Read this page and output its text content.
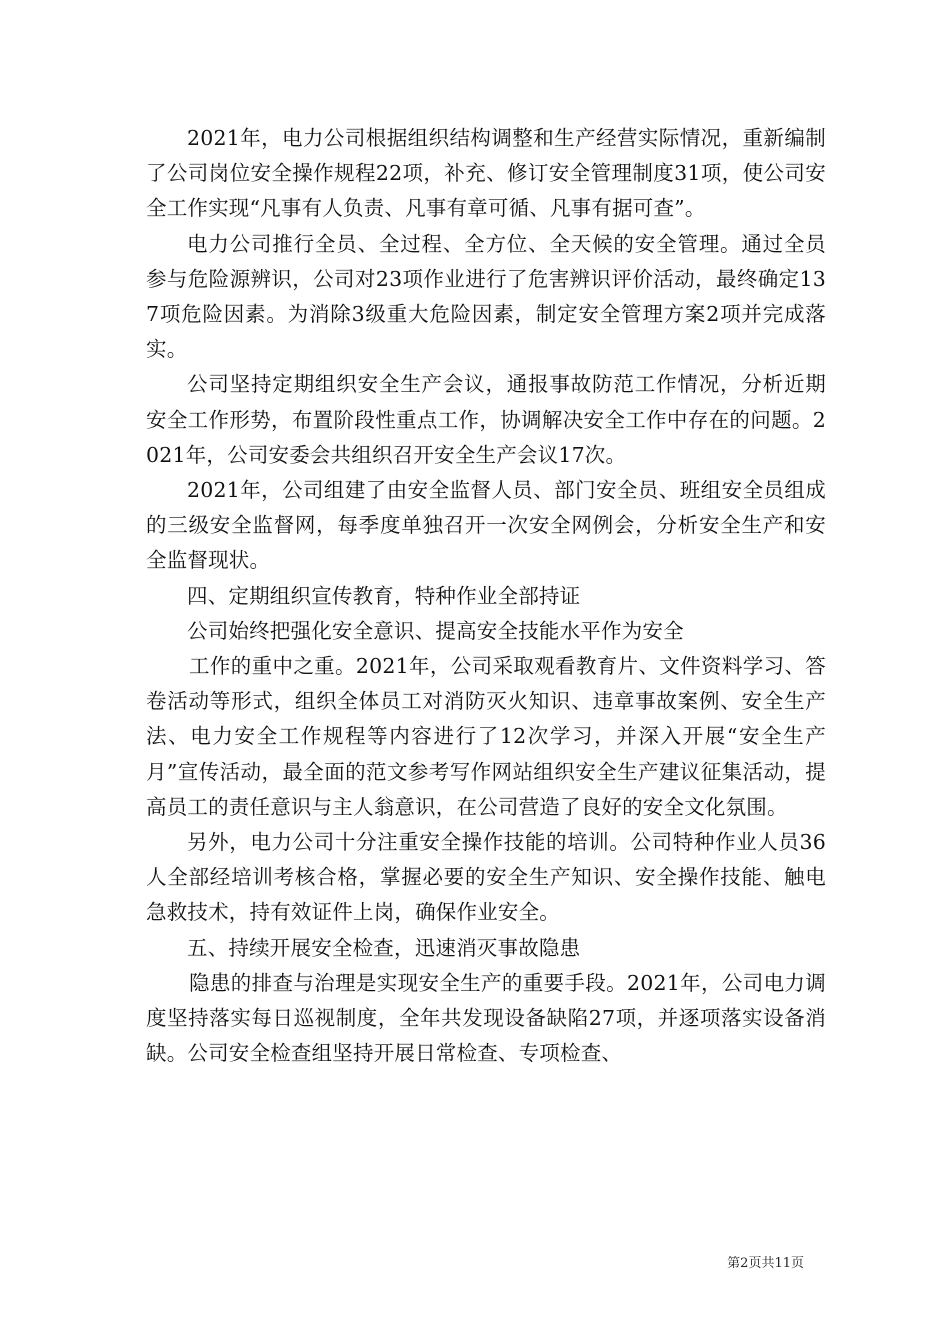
2021年，电力公司根据组织结构调整和生产经营实际情况，重新编制了公司岗位安全操作规程22项，补充、修订安全管理制度31项，使公司安全工作实现“凡事有人负责、凡事有章可循、凡事有据可查”。

电力公司推行全员、全过程、全方位、全天候的安全管理。通过全员参与危险源辨识，公司对23项作业进行了危害辨识评价活动，最终确定137项危险因素。为消除3级重大危险因素，制定安全管理方案2项并完成落实。

公司坚持定期组织安全生产会议，通报事故防范工作情况，分析近期安全工作形势，布置阶段性重点工作，协调解决安全工作中存在的问题。2021年，公司安委会共组织召开安全生产会议17次。

2021年，公司组建了由安全监督人员、部门安全员、班组安全员组成的三级安全监督网，每季度单独召开一次安全网例会，分析安全生产和安全监督现状。

四、定期组织宣传教育，特种作业全部持证

公司始终把强化安全意识、提高安全技能水平作为安全

工作的重中之重。2021年，公司采取观看教育片、文件资料学习、答卷活动等形式，组织全体员工对消防灭火知识、违章事故案例、安全生产法、电力安全工作规程等内容进行了12次学习，并深入开展“安全生产月”宣传活动，最全面的范文参考写作网站组织安全生产建议征集活动，提高员工的责任意识与主人翁意识，在公司营造了良好的安全文化氛围。

另外，电力公司十分注重安全操作技能的培训。公司特种作业人员36人全部经培训考核合格，掌握必要的安全生产知识、安全操作技能、触电急救技术，持有效证件上岗，确保作业安全。

五、持续开展安全检查，迅速消灭事故隐患

隐患的排查与治理是实现安全生产的重要手段。2021年，公司电力调度坚持落实每日巡视制度，全年共发现设备缺陷27项，并逐项落实设备消缺。公司安全检查组坚持开展日常检查、专项检查、

第2页共11页
